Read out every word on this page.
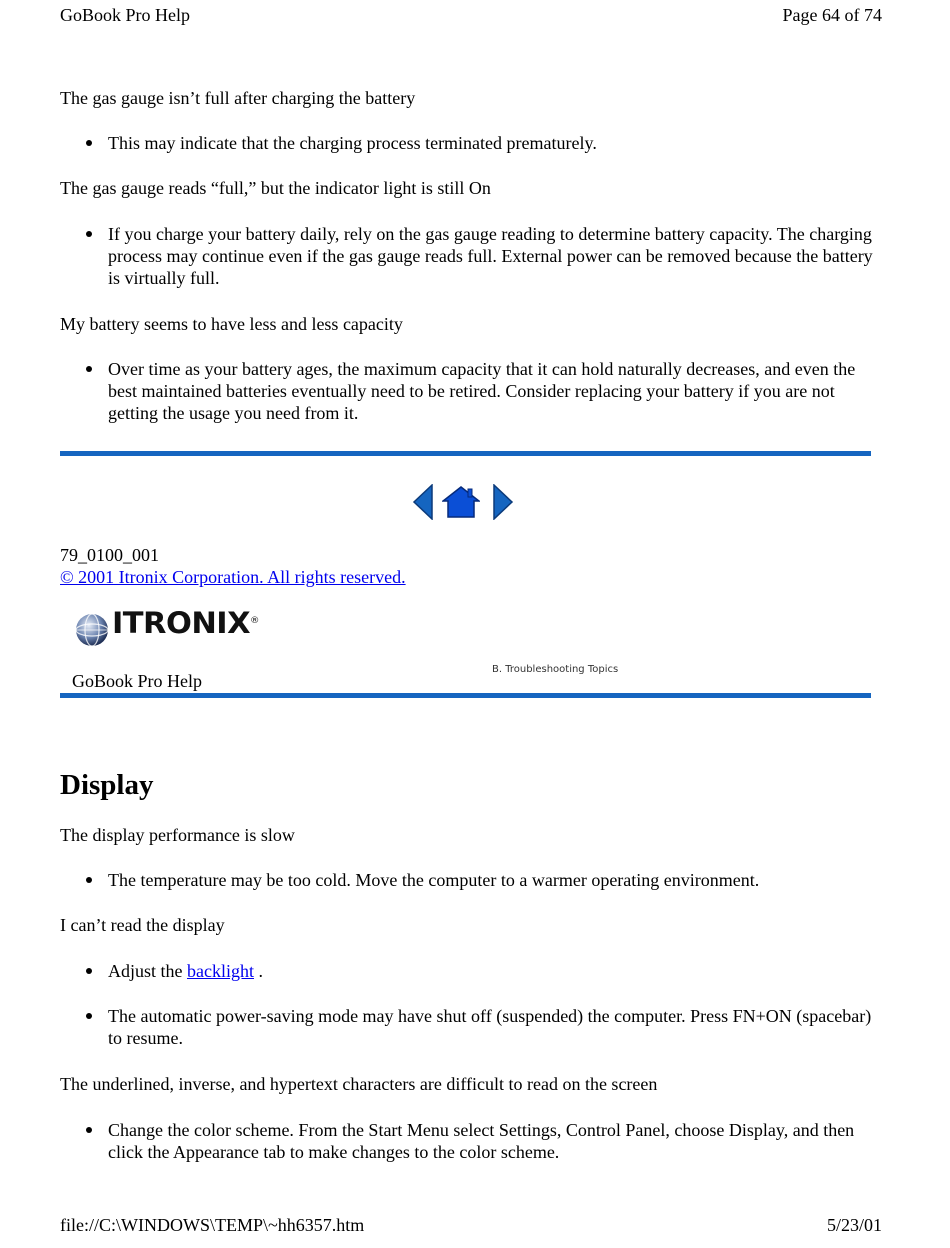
GoBook Pro Help	Page 64 of 74
The gas gauge isn’t full after charging the battery
This may indicate that the charging process terminated prematurely.
The gas gauge reads “full,” but the indicator light is still On
If you charge your battery daily, rely on the gas gauge reading to determine battery capacity. The charging process may continue even if the gas gauge reads full. External power can be removed because the battery is virtually full.
My battery seems to have less and less capacity
Over time as your battery ages, the maximum capacity that it can hold naturally decreases, and even the best maintained batteries eventually need to be retired. Consider replacing your battery if you are not getting the usage you need from it.
79_0100_001
© 2001 Itronix Corporation. All rights reserved.
ITRONIX®
B. Troubleshooting Topics
GoBook Pro Help
Display
The display performance is slow
The temperature may be too cold. Move the computer to a warmer operating environment.
I can’t read the display
Adjust the backlight .
The automatic power-saving mode may have shut off (suspended) the computer. Press FN+ON (spacebar) to resume.
The underlined, inverse, and hypertext characters are difficult to read on the screen
Change the color scheme. From the Start Menu select Settings, Control Panel, choose Display, and then click the Appearance tab to make changes to the color scheme.
file://C:\WINDOWS\TEMP\~hh6357.htm	5/23/01
